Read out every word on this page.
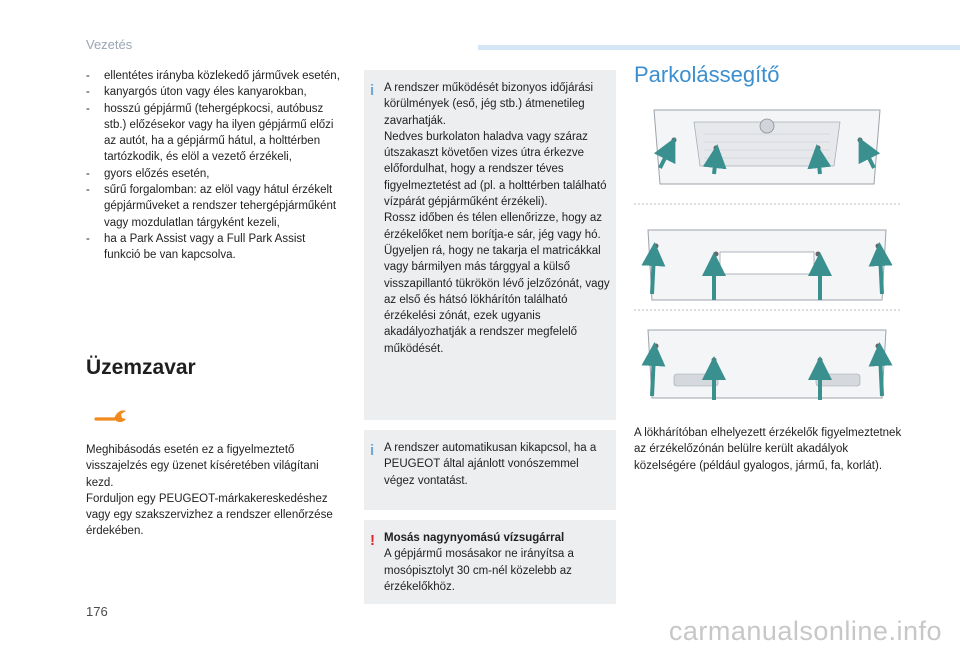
Vezetés
- ellentétes irányba közlekedő járművek esetén,
- kanyargós úton vagy éles kanyarokban,
- hosszú gépjármű (tehergépkocsi, autóbusz stb.) előzésekor vagy ha ilyen gépjármű előzi az autót, ha a gépjármű hátul, a holttérben tartózkodik, és elöl a vezető érzékeli,
- gyors előzés esetén,
- sűrű forgalomban: az elöl vagy hátul érzékelt gépjárműveket a rendszer tehergépjárműként vagy mozdulatlan tárgyként kezeli,
- ha a Park Assist vagy a Full Park Assist funkció be van kapcsolva.
Üzemzavar
Meghibásodás esetén ez a figyelmeztető visszajelzés egy üzenet kíséretében világítani kezd.
Forduljon egy PEUGEOT-márkakereskedéshez vagy egy szakszervizhez a rendszer ellenőrzése érdekében.
i A rendszer működését bizonyos időjárási körülmények (eső, jég stb.) átmenetileg zavarhatják.
Nedves burkolaton haladva vagy száraz útszakaszt követően vizes útra érkezve előfordulhat, hogy a rendszer téves figyelmeztetést ad (pl. a holttérben található vízpárát gépjárműként érzékeli).
Rossz időben és télen ellenőrizze, hogy az érzékelőket nem borítja-e sár, jég vagy hó.
Ügyeljen rá, hogy ne takarja el matricákkal vagy bármilyen más tárggyal a külső visszapillantó tükrökön lévő jelzőzónát, vagy az első és hátsó lökhárítón található érzékelési zónát, ezek ugyanis akadályozhatják a rendszer megfelelő működését.

i A rendszer automatikusan kikapcsol, ha a PEUGEOT által ajánlott vonószemmel végez vontatást.

! Mosás nagynyomású vízsugárral

A gépjármű mosásakor ne irányítsa a mosópisztolyt 30 cm-nél közelebb az érzékelőkhöz.

Parkolássegítő
A lökhárítóban elhelyezett érzékelők figyelmeztetnek az érzékelőzónán belülre került akadályok közelségére (például gyalogos, jármű, fa, korlát).
176
carmanualsonline.info
